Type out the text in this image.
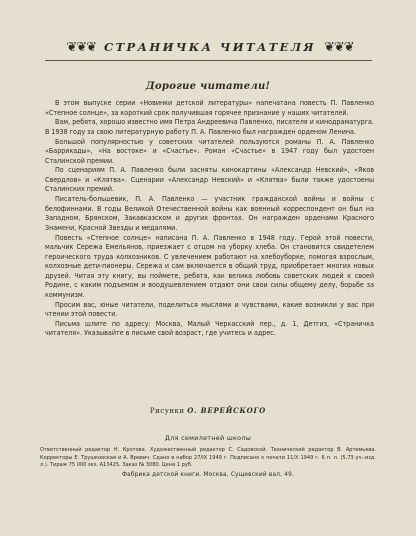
❦❦❦ СТРАНИЧКА ЧИТАТЕЛЯ ❦❦❦
Дорогие читатели!

В этом выпуске серии «Новинки детской литературы» напечатана повесть П. Павленко «Степное солнце», за короткий срок получившая горячее признание у наших читателей.

Вам, ребята, хорошо известно имя Петра Андреевича Павленко, писателя и кинодраматурга. В 1938 году за свою литературную работу П. А. Павленко был награжден орденом Ленина.

Большой популярностью у советских читателей пользуются романы П. А. Павленко «Баррикады», «На востоке» и «Счастье». Роман «Счастье» в 1947 году был удостоен Сталинской премии.

По сценариям П. А. Павленко были засняты кинокартины «Александр Невский», «Яков Свердлов» и «Клятва». Сценарии «Александр Невский» и «Клятва» были также удостоены Сталинских премий.

Писатель-большевик, П. А. Павленко — участник гражданской войны и войны с белофиннами. В годы Великой Отечественной войны как военный корреспондент он был на Западном, Брянском, Закавказском и других фронтах. Он награжден орденами Красного Знамени, Красной Звезды и медалями.

Повесть «Степное солнце» написана П. А. Павленко в 1948 году. Герой этой повести, мальчик Сережа Емельянов, приезжает с отцом на уборку хлеба. Он становится свидетелем героического труда колхозников. С увлечением работают на хлебоуборке, помогая взрослым, колхозные дети-пионеры. Сережа и сам включается в общий труд, приобретает многих новых друзей. Читая эту книгу, вы поймете, ребята, как велика любовь советских людей к своей Родине, с каким подъемом и воодушевлением отдают они свои силы общему делу, борьбе за коммунизм.

Просим вас, юные читатели, поделиться мыслями и чувствами, какие возникли у вас при чтении этой повести.

Письма шлите по адресу: Москва, Малый Черкасский пер., д. 1, Детгиз, «Страничка читателя». Указывайте в письме свой возраст, где учитесь и адрес.

Рисунки О. ВЕРЕЙСКОГО
Для семилетней школы
Ответственный редактор Н. Кротова. Художественный редактор С. Садовской. Технический редактор В. Артемьева. Корректоры Е. Трушковская и А. Вревич. Сдано в набор 27/IX 1949 г. Подписано к печати 11/X 1949 г. 6 п. л. (5,73 уч.-изд. л.). Тираж 75 000 экз. А13425. Заказ № 3080. Цена 1 руб.
Фабрика детской книги. Москва, Сущевский вал, 49.
